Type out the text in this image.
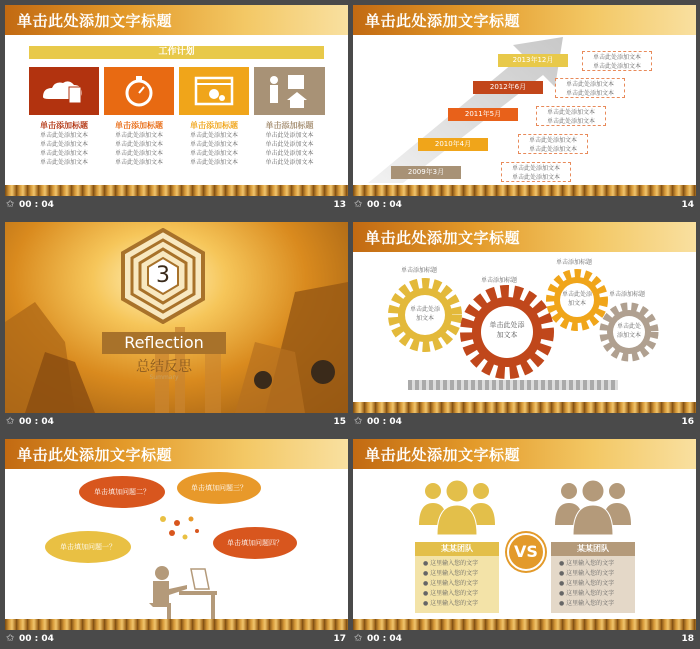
单击此处添加文字标题
工作计划
单击添加标题
单击此处添加文本
单击此处添加文本
单击此处添加文本
单击此处添加文本
单击添加标题
单击此处添加文本
单击此处添加文本
单击此处添加文本
单击此处添加文本
单击添加标题
单击此处添加文本
单击此处添加文本
单击此处添加文本
单击此处添加文本
单击添加标题
单击此处添加文本
单击此处添加文本
单击此处添加文本
单击此处添加文本
✩ 00 : 04	13
单击此处添加文字标题
2013年12月
2012年6月
2011年5月
2010年4月
2009年3月
单击此处添加文本
单击此处添加文本
单击此处添加文本
单击此处添加文本
单击此处添加文本
单击此处添加文本
单击此处添加文本
单击此处添加文本
单击此处添加文本
单击此处添加文本
✩ 00 : 04	14
3
Reflection
总结反思
Summary
✩ 00 : 04	15
单击此处添加文字标题
单击此处添加文本
单击添加标题
单击此处添加文本
单击添加标题
单击此处添加文本
单击添加标题
单击此处添加文本
单击添加标题
✩ 00 : 04	16
单击此处添加文字标题
单击填加问题二？	单击填加问题三？
单击填加问题一？	单击填加问题四？
✩ 00 : 04	17
单击此处添加文字标题
VS
某某团队
● 这里输入您的文字
● 这里输入您的文字
● 这里输入您的文字
● 这里输入您的文字
● 这里输入您的文字
某某团队
● 这里输入您的文字
● 这里输入您的文字
● 这里输入您的文字
● 这里输入您的文字
● 这里输入您的文字
✩ 00 : 04	18
